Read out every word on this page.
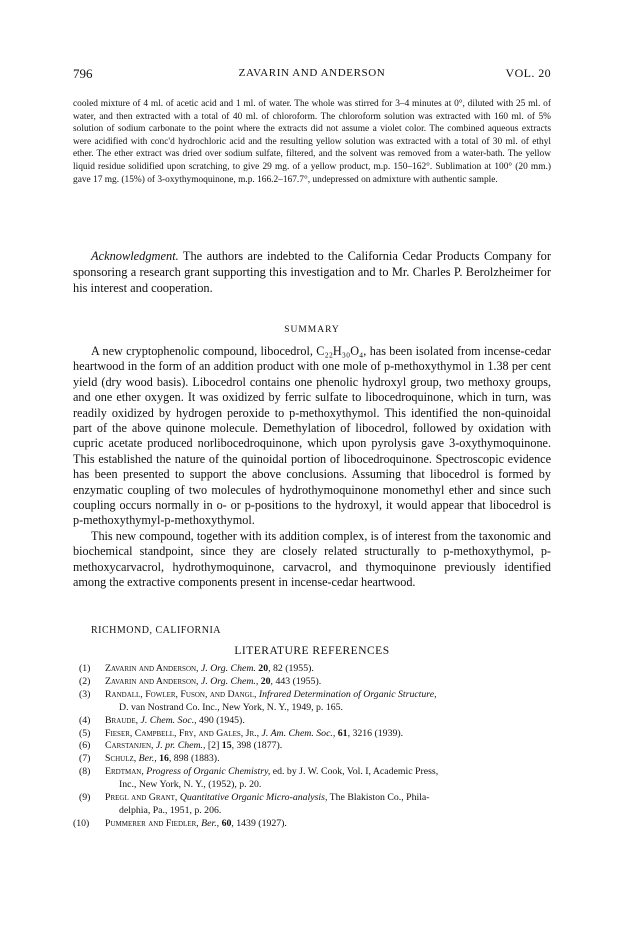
796	ZAVARIN AND ANDERSON	VOL. 20

cooled mixture of 4 ml. of acetic acid and 1 ml. of water. The whole was stirred for 3–4 minutes at 0°, diluted with 25 ml. of water, and then extracted with a total of 40 ml. of chloroform. The chloroform solution was extracted with 160 ml. of 5% solution of sodium carbonate to the point where the extracts did not assume a violet color. The combined aqueous extracts were acidified with conc'd hydrochloric acid and the resulting yellow solution was extracted with a total of 30 ml. of ethyl ether. The ether extract was dried over sodium sulfate, filtered, and the solvent was removed from a water-bath. The yellow liquid residue solidified upon scratching, to give 29 mg. of a yellow product, m.p. 150–162°. Sublimation at 100° (20 mm.) gave 17 mg. (15%) of 3-oxythymoquinone, m.p. 166.2–167.7°, undepressed on admixture with authentic sample.

Acknowledgment. The authors are indebted to the California Cedar Products Company for sponsoring a research grant supporting this investigation and to Mr. Charles P. Berolzheimer for his interest and cooperation.

SUMMARY

A new cryptophenolic compound, libocedrol, C₂₂H₃₀O₄, has been isolated from incense-cedar heartwood in the form of an addition product with one mole of p-methoxythymol in 1.38 per cent yield (dry wood basis). Libocedrol contains one phenolic hydroxyl group, two methoxy groups, and one ether oxygen. It was oxidized by ferric sulfate to libocedroquinone, which in turn, was readily oxidized by hydrogen peroxide to p-methoxythymol. This identified the non-quinoidal part of the above quinone molecule. Demethylation of libocedrol, followed by oxidation with cupric acetate produced norlibocedroquinone, which upon pyrolysis gave 3-oxythymoquinone. This established the nature of the quinoidal portion of libocedroquinone. Spectroscopic evidence has been presented to support the above conclusions. Assuming that libocedrol is formed by enzymatic coupling of two molecules of hydrothymoquinone monomethyl ether and since such coupling occurs normally in o- or p-positions to the hydroxyl, it would appear that libocedrol is p-methoxythymyl-p-methoxythymol.

This new compound, together with its addition complex, is of interest from the taxonomic and biochemical standpoint, since they are closely related structurally to p-methoxythymol, p-methoxycarvacrol, hydrothymoquinone, carvacrol, and thymoquinone previously identified among the extractive components present in incense-cedar heartwood.

RICHMOND, CALIFORNIA

LITERATURE REFERENCES

(1) Zavarin and Anderson, J. Org. Chem. 20, 82 (1955).
(2) Zavarin and Anderson, J. Org. Chem., 20, 443 (1955).
(3) Randall, Fowler, Fuson, and Dangl, Infrared Determination of Organic Structure,
D. van Nostrand Co. Inc., New York, N. Y., 1949, p. 165.
(4) Braude, J. Chem. Soc., 490 (1945).
(5) Fieser, Campbell, Fry, and Gales, Jr., J. Am. Chem. Soc., 61, 3216 (1939).
(6) Carstanjen, J. pr. Chem., [2] 15, 398 (1877).
(7) Schulz, Ber., 16, 898 (1883).
(8) Erdtman, Progress of Organic Chemistry, ed. by J. W. Cook, Vol. I, Academic Press,
Inc., New York, N. Y., (1952), p. 20.
(9) Pregl and Grant, Quantitative Organic Micro-analysis, The Blakiston Co., Phila-
delphia, Pa., 1951, p. 206.
(10) Pummerer and Fiedler, Ber., 60, 1439 (1927).
